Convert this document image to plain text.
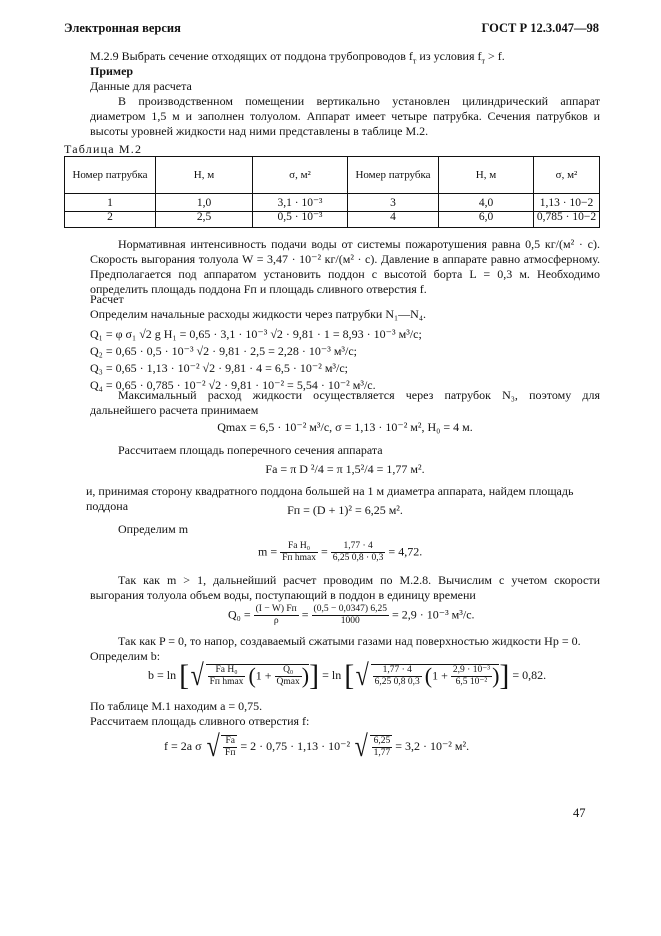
Электронная версия	ГОСТ Р 12.3.047—98

М.2.9 Выбрать сечение отходящих от поддона трубопроводов $f_т$ из условия $f_т > f$.

Пример

Данные для расчета

В производственном помещении вертикально установлен цилиндрический аппарат диаметром 1,5 м и заполнен толуолом. Аппарат имеет четыре патрубка. Сечения патрубков и высоты уровней жидкости над ними представлены в таблице М.2.

Таблица М.2
Номер патрубка	H, м	σ, м²	Номер патрубка	H, м	σ, м²
1	1,0	3,1 · 10⁻³	3	4,0	1,13 · 10−2
2	2,5	0,5 · 10⁻³	4	6,0	0,785 · 10−2

Нормативная интенсивность подачи воды от системы пожаротушения равна 0,5 кг/(м² · с). Скорость выгорания толуола W = 3,47 · 10⁻² кг/(м² · с). Давление в аппарате равно атмосферному. Предполагается под аппаратом установить поддон с высотой борта L = 0,3 м. Необходимо определить площадь поддона Fп и площадь сливного отверстия f.

Расчет

Определим начальные расходы жидкости через патрубки N₁—N₄.

Q₁ = φ σ₁ √2 g H₁ = 0,65 · 3,1 · 10⁻³ √2 · 9,81 · 1 = 8,93 · 10⁻³ м³/с;

Q₂ = 0,65 · 0,5 · 10⁻³ √2 · 9,81 · 2,5 = 2,28 · 10⁻³ м³/с;

Q₃ = 0,65 · 1,13 · 10⁻² √2 · 9,81 · 4 = 6,5 · 10⁻² м³/с;

Q₄ = 0,65 · 0,785 · 10⁻² √2 · 9,81 · 10⁻² = 5,54 · 10⁻² м³/с.

Максимальный расход жидкости осуществляется через патрубок N₃, поэтому для дальнейшего расчета принимаем

Qmax = 6,5 · 10⁻² м³/с, σ = 1,13 · 10⁻² м², H₀ = 4 м.

Рассчитаем площадь поперечного сечения аппарата

Fа = π D ²/4 = π 1,5²/4 = 1,77 м².

и, принимая сторону квадратного поддона большей на 1 м диаметра аппарата, найдем площадь поддона	Fп = (D + 1)² = 6,25 м².

Определим m

$m = \frac{\text{Fа H₀}}{\text{Fп hmax}} = \frac{1,77 \cdot 4}{6,25 0,8 \cdot 0,3} = 4,72$.

Так как m > 1, дальнейший расчет проводим по М.2.8. Вычислим с учетом скорости выгорания толуола объем воды, поступающий в поддон в единицу времени

$Q_0 = \frac{(I - W) Fп}{\rho} = \frac{(0,5 - 0,0347) 6,25}{1000} = 2,9 \cdot 10^{-3}$ м³/с.

Так как P = 0, то напор, создаваемый сжатыми газами над поверхностью жидкости Hр = 0.

Определим b:

b = ln [√ $\frac{\text{Fа H₀}}{\text{Fп hmax}} (1 + \frac{\text{Q₀}}{Qmax}$ )] = ln [√ $\frac{1,77 \cdot 4}{6,25 0,8 0,3} (1 + \frac{\text{2,9 · 10⁻³}}{\text{6,5 10⁻²}}$ )] = 0,82.

По таблице М.1 находим a = 0,75.

Рассчитаем площадь сливного отверстия f:

f = 2a σ √ $\frac{Fа}{Fп} = 2 \cdot 0,75 \cdot 1,13 \cdot 10^{-2}$ √ $\frac{6,25}{1,77} = 3,2 \cdot 10^{-2}$ м².
47
